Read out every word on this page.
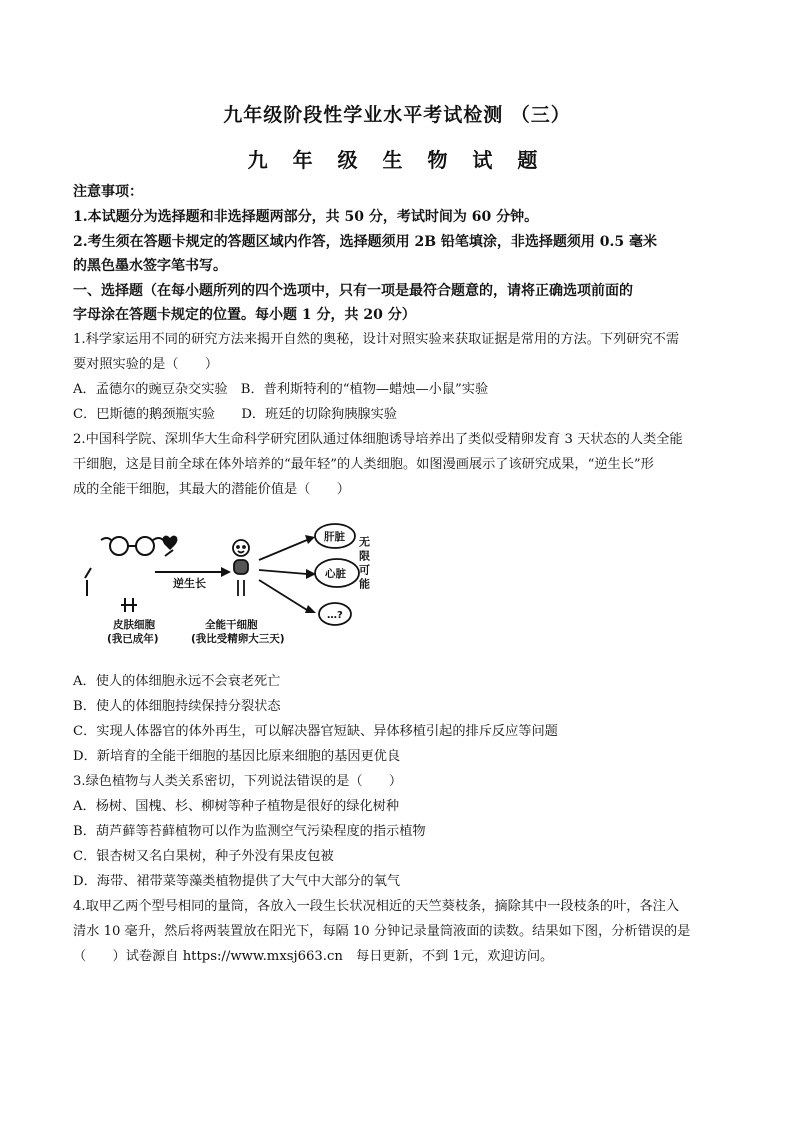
九年级阶段性学业水平考试检测 （三）
九 年 级 生 物 试 题
注意事项：
1.本试题分为选择题和非选择题两部分，共 50 分，考试时间为 60 分钟。
2.考生须在答题卡规定的答题区域内作答，选择题须用 2B 铅笔填涂，非选择题须用 0.5 毫米
的黑色墨水签字笔书写。
一、选择题（在每小题所列的四个选项中，只有一项是最符合题意的，请将正确选项前面的
字母涂在答题卡规定的位置。每小题 1 分，共 20 分）
1.科学家运用不同的研究方法来揭开自然的奥秘，设计对照实验来获取证据是常用的方法。下列研究不需
要对照实验的是（　　）
A．孟德尔的豌豆杂交实验　B．普利斯特利的“植物—蜡烛—小鼠”实验
C．巴斯德的鹅颈瓶实验　　D．班廷的切除狗胰腺实验
2.中国科学院、深圳华大生命科学研究团队通过体细胞诱导培养出了类似受精卵发育 3 天状态的人类全能
干细胞，这是目前全球在体外培养的“最年轻”的人类细胞。如图漫画展示了该研究成果，“逆生长”形
成的全能干细胞，其最大的潜能价值是（　　）
逆生长
皮肤细胞
(我已成年)
全能干细胞
(我比受精卵大三天)
肝脏
心脏
…?
无限可能
A．使人的体细胞永远不会衰老死亡
B．使人的体细胞持续保持分裂状态
C．实现人体器官的体外再生，可以解决器官短缺、异体移植引起的排斥反应等问题
D．新培育的全能干细胞的基因比原来细胞的基因更优良
3.绿色植物与人类关系密切，下列说法错误的是（　　）
A．杨树、国槐、杉、柳树等种子植物是很好的绿化树种
B．葫芦藓等苔藓植物可以作为监测空气污染程度的指示植物
C．银杏树又名白果树，种子外没有果皮包被
D．海带、裙带菜等藻类植物提供了大气中大部分的氧气
4.取甲乙两个型号相同的量筒，各放入一段生长状况相近的天竺葵枝条，摘除其中一段枝条的叶，各注入
清水 10 毫升，然后将两装置放在阳光下，每隔 10 分钟记录量筒液面的读数。结果如下图，分析错误的是
（　　）试卷源自 https://www.mxsj663.cn　每日更新，不到 1元，欢迎访问。
